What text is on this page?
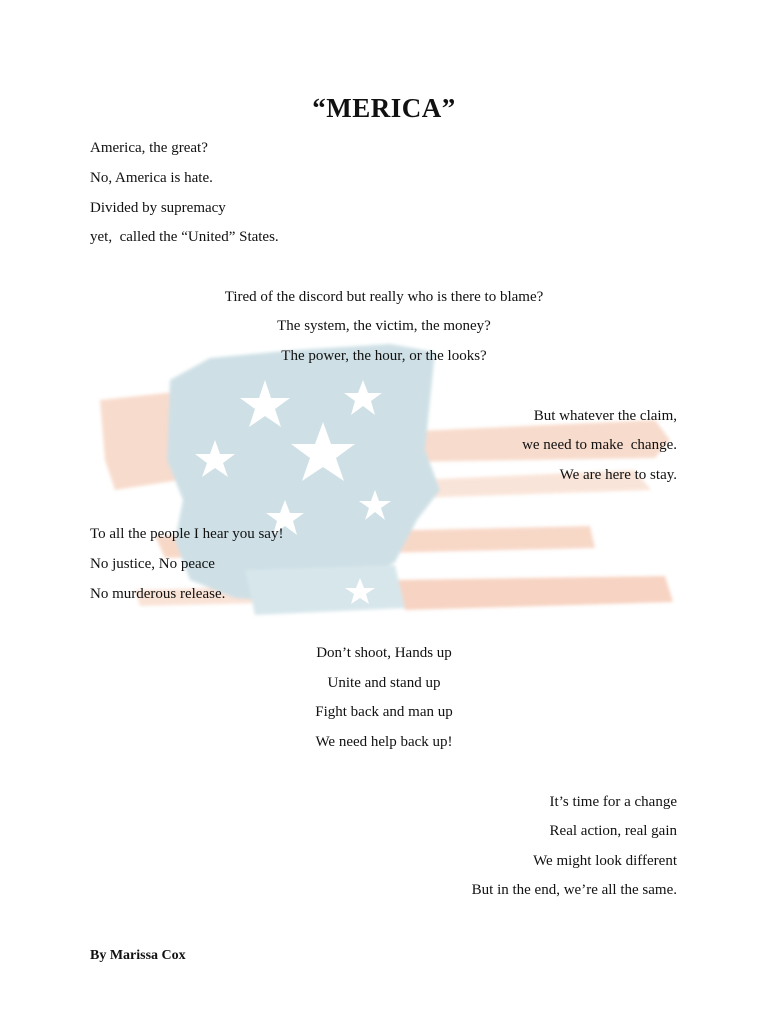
“MERICA”
America, the great?
No, America is hate.
Divided by supremacy
yet,  called the “United” States.
Tired of the discord but really who is there to blame?
The system, the victim, the money?
The power, the hour, or the looks?
But whatever the claim,
we need to make  change.
We are here to stay.
To all the people I hear you say!
No justice, No peace
No murderous release.
Don’t shoot, Hands up
Unite and stand up
Fight back and man up
We need help back up!
It’s time for a change
Real action, real gain
We might look different
But in the end, we’re all the same.
By Marissa Cox
